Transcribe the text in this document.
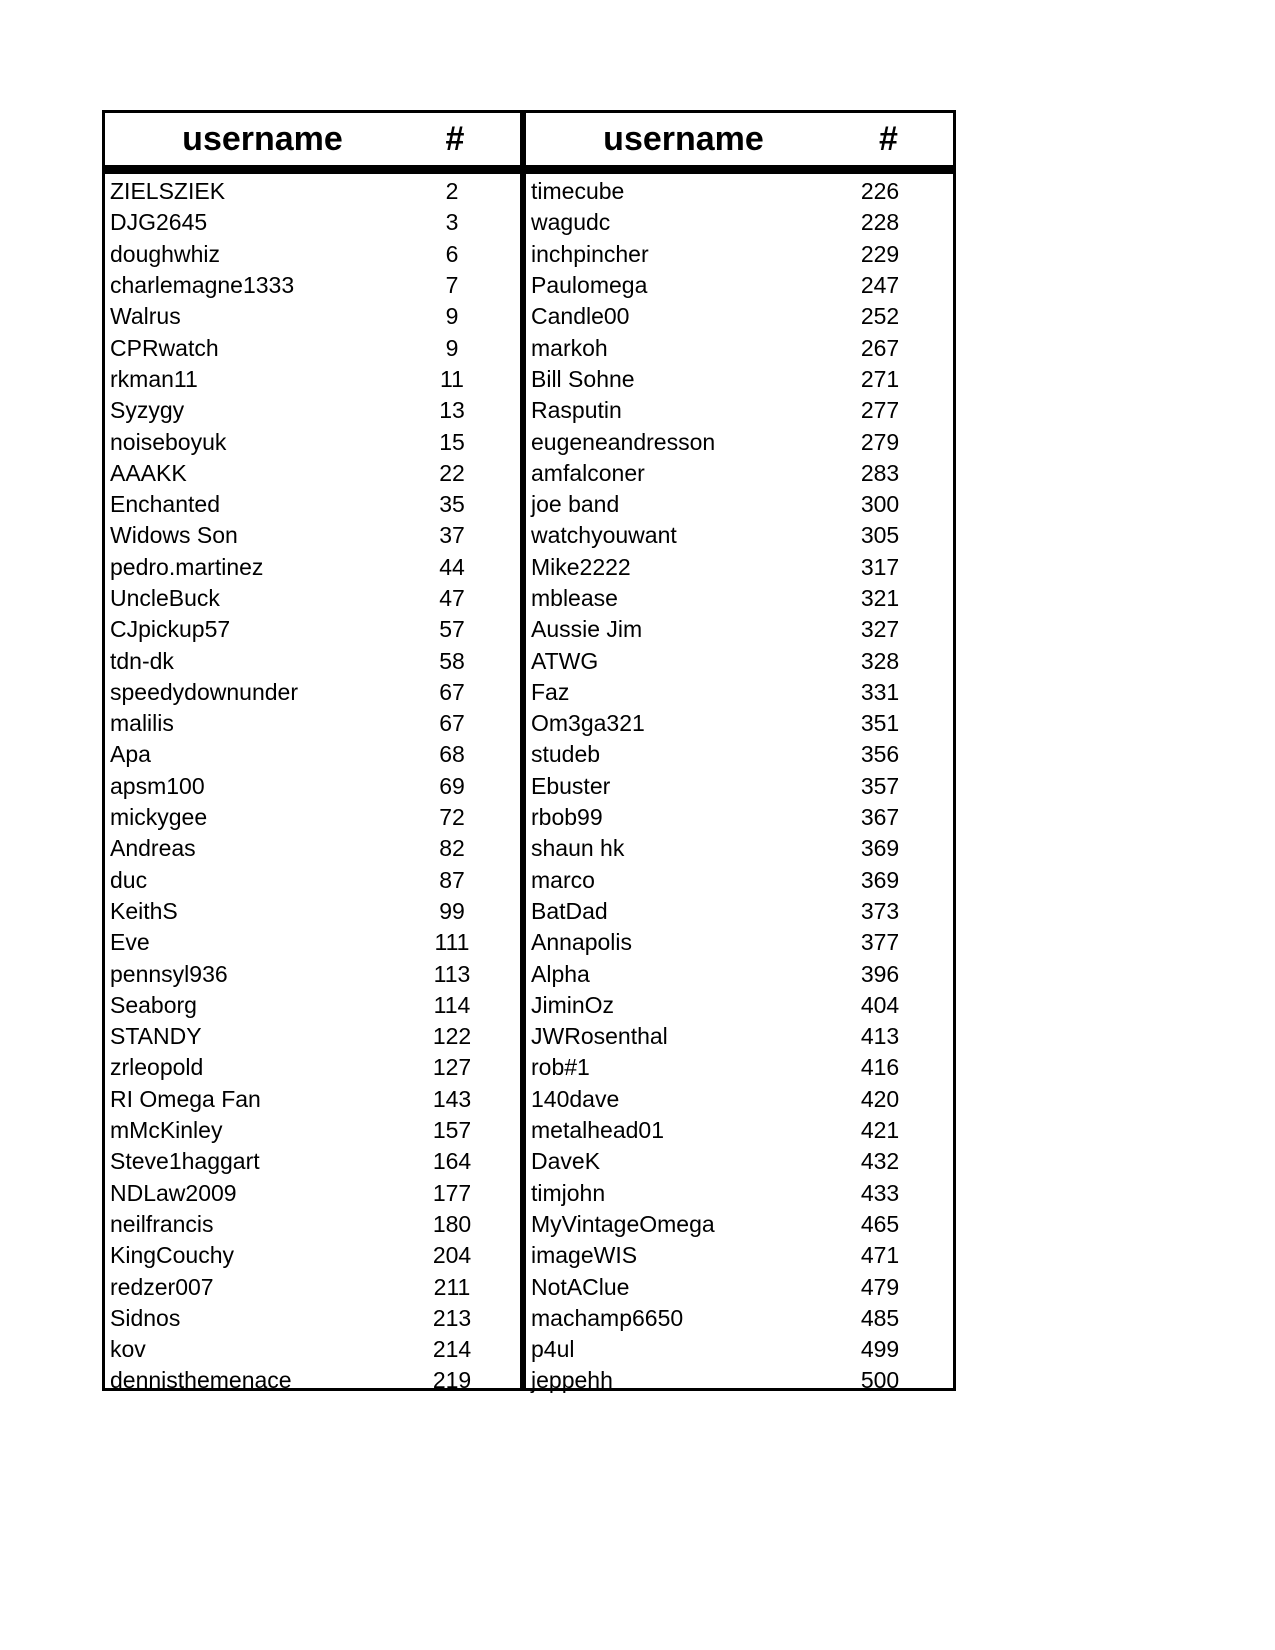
username	#
ZIELSZIEK	2
DJG2645	3
doughwhiz	6
charlemagne1333	7
Walrus	9
CPRwatch	9
rkman11	11
Syzygy	13
noiseboyuk	15
AAAKK	22
Enchanted	35
Widows Son	37
pedro.martinez	44
UncleBuck	47
CJpickup57	57
tdn-dk	58
speedydownunder	67
malilis	67
Apa	68
apsm100	69
mickygee	72
Andreas	82
duc	87
KeithS	99
Eve	111
pennsyl936	113
Seaborg	114
STANDY	122
zrleopold	127
RI Omega Fan	143
mMcKinley	157
Steve1haggart	164
NDLaw2009	177
neilfrancis	180
KingCouchy	204
redzer007	211
Sidnos	213
kov	214
dennisthemenace	219
username	#
timecube	226
wagudc	228
inchpincher	229
Paulomega	247
Candle00	252
markoh	267
Bill Sohne	271
Rasputin	277
eugeneandresson	279
amfalconer	283
joe band	300
watchyouwant	305
Mike2222	317
mblease	321
Aussie Jim	327
ATWG	328
Faz	331
Om3ga321	351
studeb	356
Ebuster	357
rbob99	367
shaun hk	369
marco	369
BatDad	373
Annapolis	377
Alpha	396
JiminOz	404
JWRosenthal	413
rob#1	416
140dave	420
metalhead01	421
DaveK	432
timjohn	433
MyVintageOmega	465
imageWIS	471
NotAClue	479
machamp6650	485
p4ul	499
jeppehh	500
